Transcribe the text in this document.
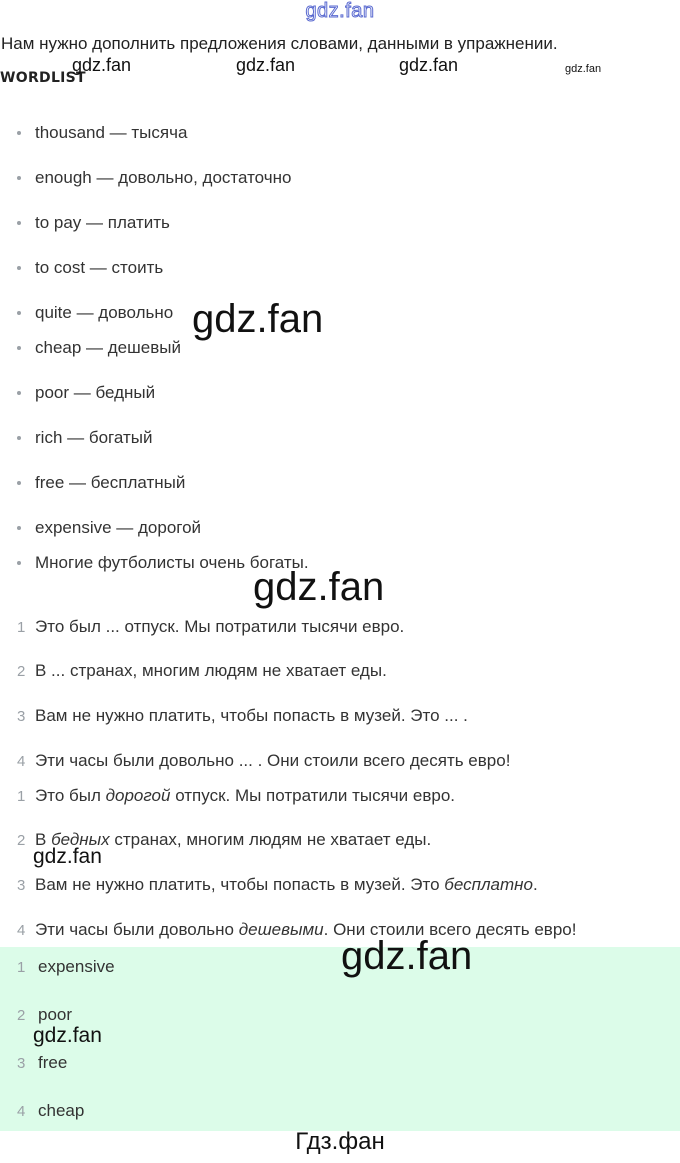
gdz.fan
Нам нужно дополнить предложения словами, данными в упражнении.
WORDLIST
gdz.fan	gdz.fan	gdz.fan	gdz.fan
thousand — тысяча
enough — довольно, достаточно
to pay — платить
to cost — стоить
quite — довольно
cheap — дешевый
poor — бедный
rich — богатый
free — бесплатный
expensive — дорогой
Многие футболисты очень богаты.
gdz.fan
gdz.fan
1 Это был ... отпуск. Мы потратили тысячи евро.
2 В ... странах, многим людям не хватает еды.
3 Вам не нужно платить, чтобы попасть в музей. Это ... .
4 Эти часы были довольно ... . Они стоили всего десять евро!
1 Это был дорогой отпуск. Мы потратили тысячи евро.
2 В бедных странах, многим людям не хватает еды.
3 Вам не нужно платить, чтобы попасть в музей. Это бесплатно.
4 Эти часы были довольно дешевыми. Они стоили всего десять евро!
gdz.fan
1 expensive
2 poor
3 free
4 cheap
gdz.fan
gdz.fan
Гдз.фан
